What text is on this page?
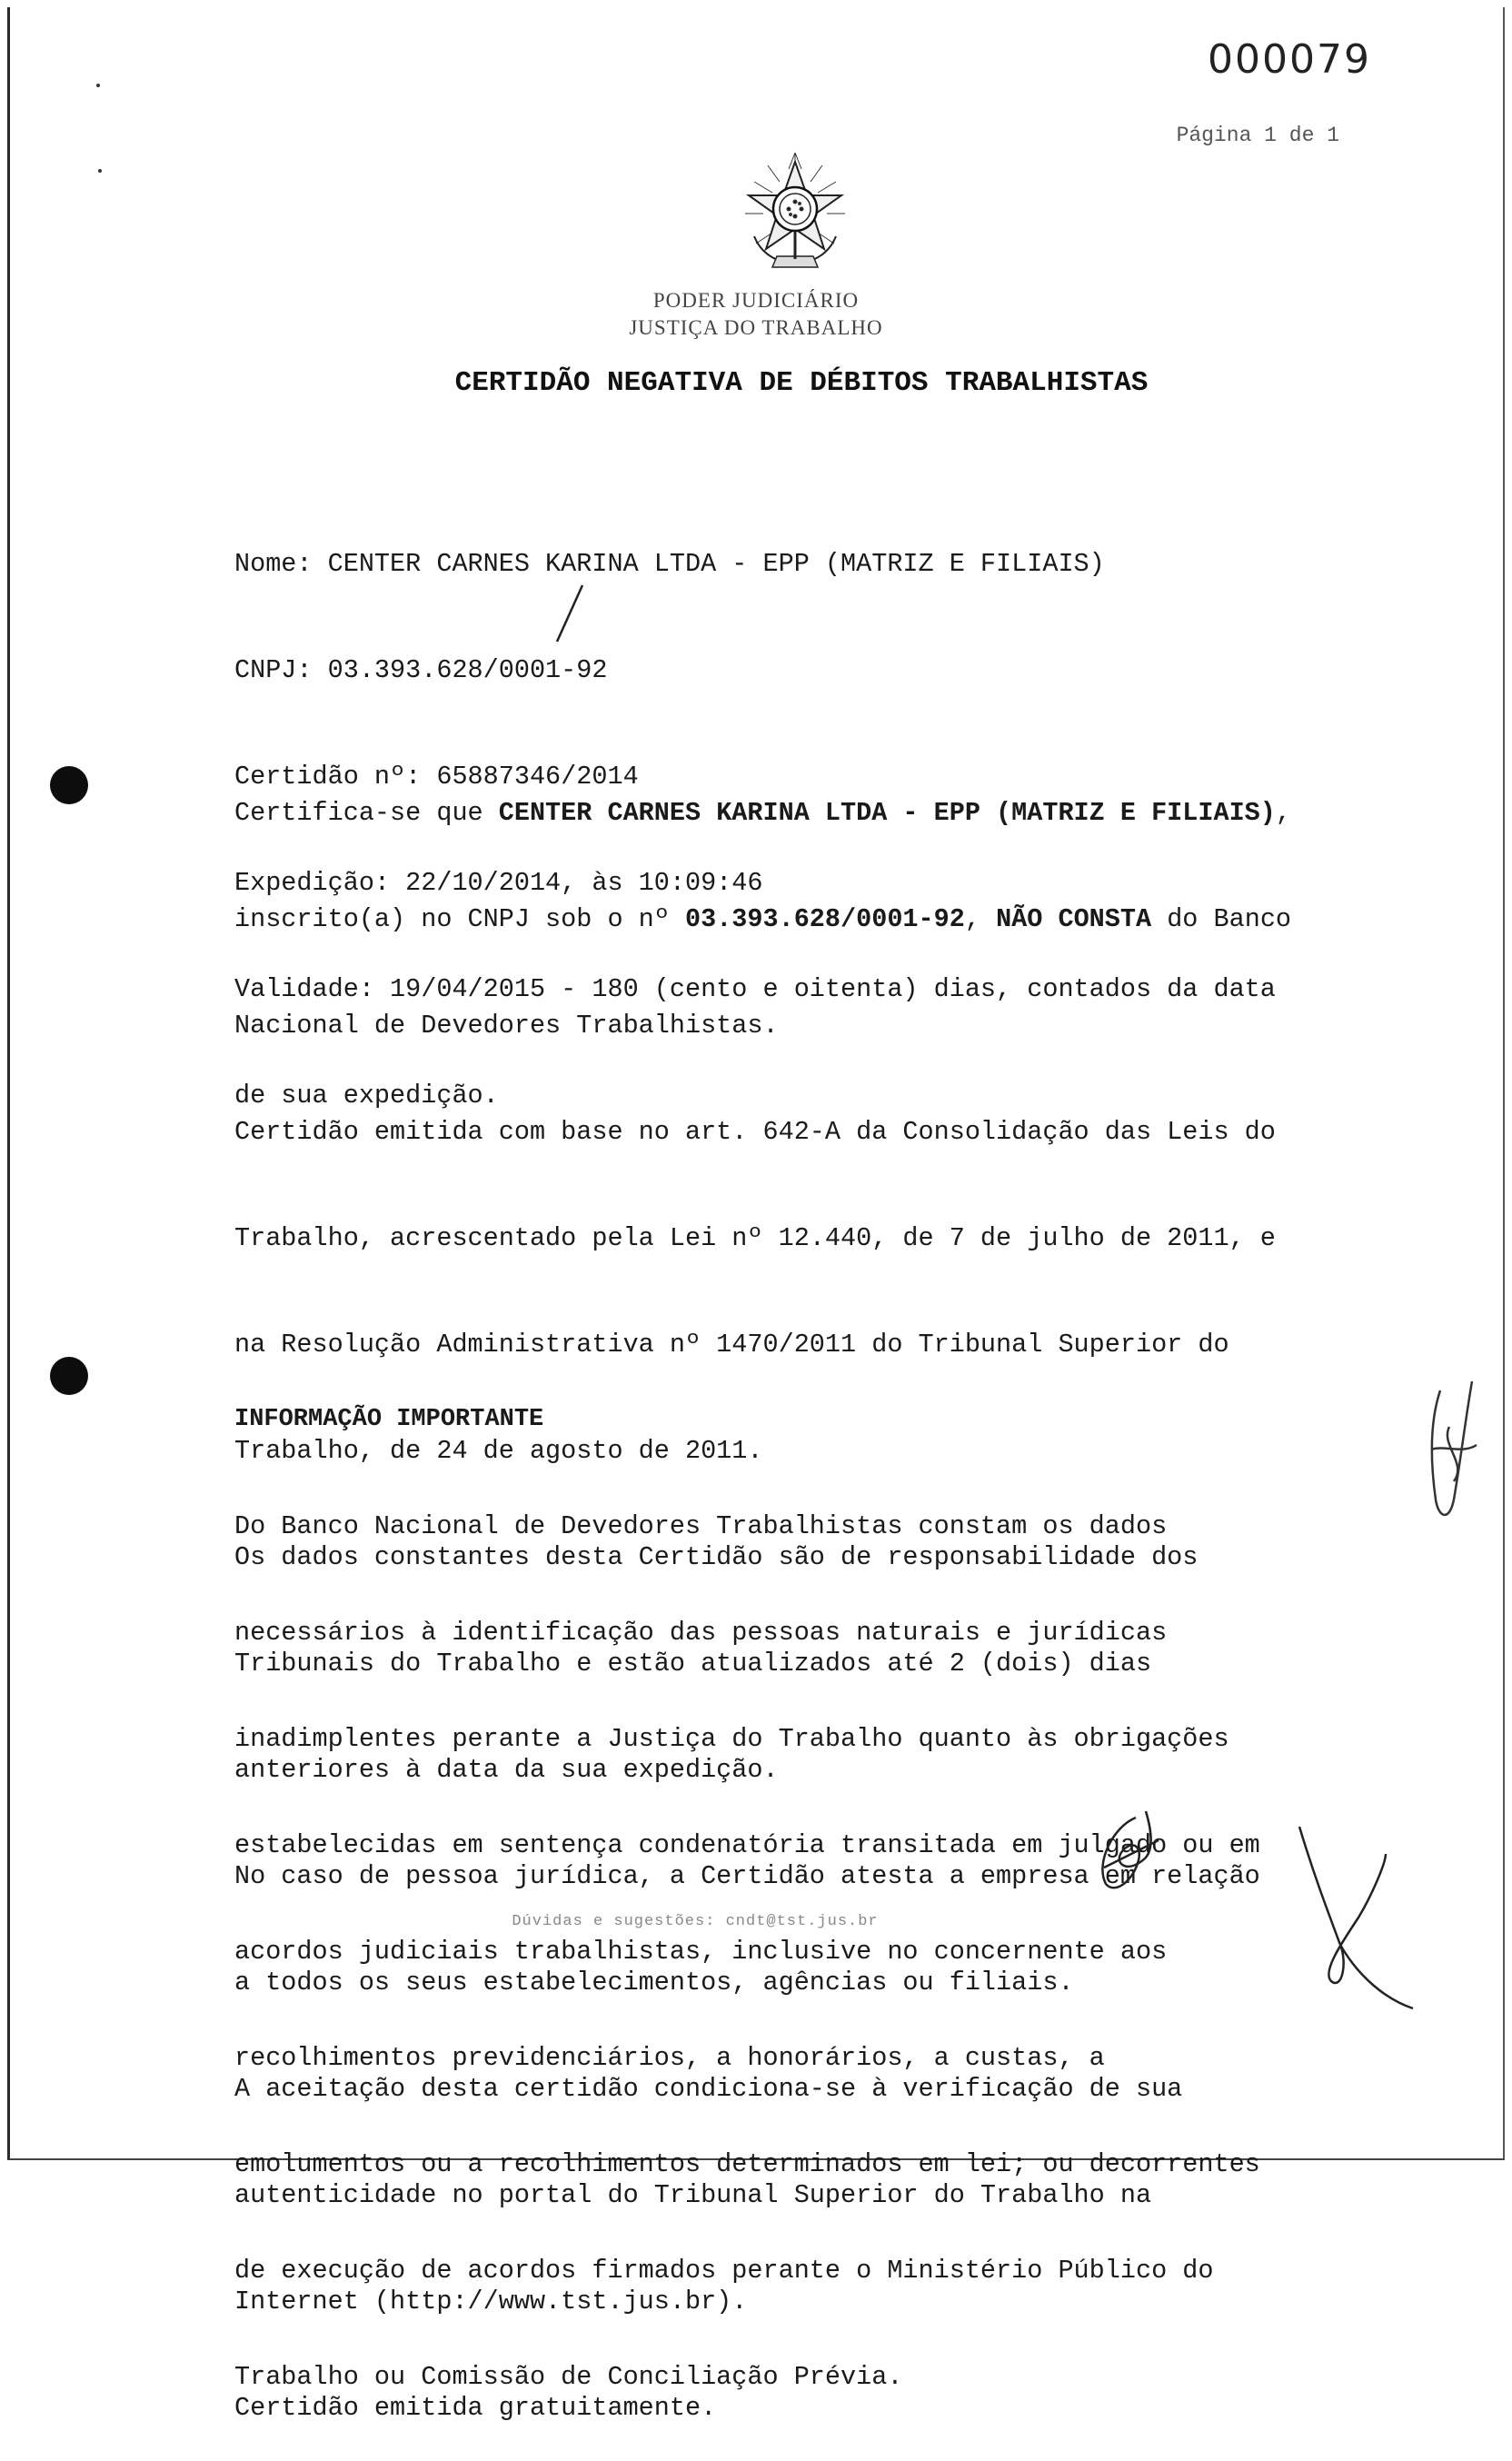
000079
Página 1 de 1
PODER JUDICIÁRIO
JUSTIÇA DO TRABALHO
CERTIDÃO NEGATIVA DE DÉBITOS TRABALHISTAS

Nome: CENTER CARNES KARINA LTDA - EPP (MATRIZ E FILIAIS)

CNPJ: 03.393.628/0001-92

Certidão nº: 65887346/2014

Expedição: 22/10/2014, às 10:09:46

Validade: 19/04/2015 - 180 (cento e oitenta) dias, contados da data

de sua expedição.

Certifica-se que CENTER CARNES KARINA LTDA - EPP (MATRIZ E FILIAIS),

inscrito(a) no CNPJ sob o nº 03.393.628/0001-92, NÃO CONSTA do Banco

Nacional de Devedores Trabalhistas.

Certidão emitida com base no art. 642-A da Consolidação das Leis do

Trabalho, acrescentado pela Lei nº 12.440, de 7 de julho de 2011, e

na Resolução Administrativa nº 1470/2011 do Tribunal Superior do

Trabalho, de 24 de agosto de 2011.

Os dados constantes desta Certidão são de responsabilidade dos

Tribunais do Trabalho e estão atualizados até 2 (dois) dias

anteriores à data da sua expedição.

No caso de pessoa jurídica, a Certidão atesta a empresa em relação

a todos os seus estabelecimentos, agências ou filiais.

A aceitação desta certidão condiciona-se à verificação de sua

autenticidade no portal do Tribunal Superior do Trabalho na

Internet (http://www.tst.jus.br).

Certidão emitida gratuitamente.

INFORMAÇÃO IMPORTANTE

Do Banco Nacional de Devedores Trabalhistas constam os dados

necessários à identificação das pessoas naturais e jurídicas

inadimplentes perante a Justiça do Trabalho quanto às obrigações

estabelecidas em sentença condenatória transitada em julgado ou em

acordos judiciais trabalhistas, inclusive no concernente aos

recolhimentos previdenciários, a honorários, a custas, a

emolumentos ou a recolhimentos determinados em lei; ou decorrentes

de execução de acordos firmados perante o Ministério Público do

Trabalho ou Comissão de Conciliação Prévia.

Dúvidas e sugestões: cndt@tst.jus.br
